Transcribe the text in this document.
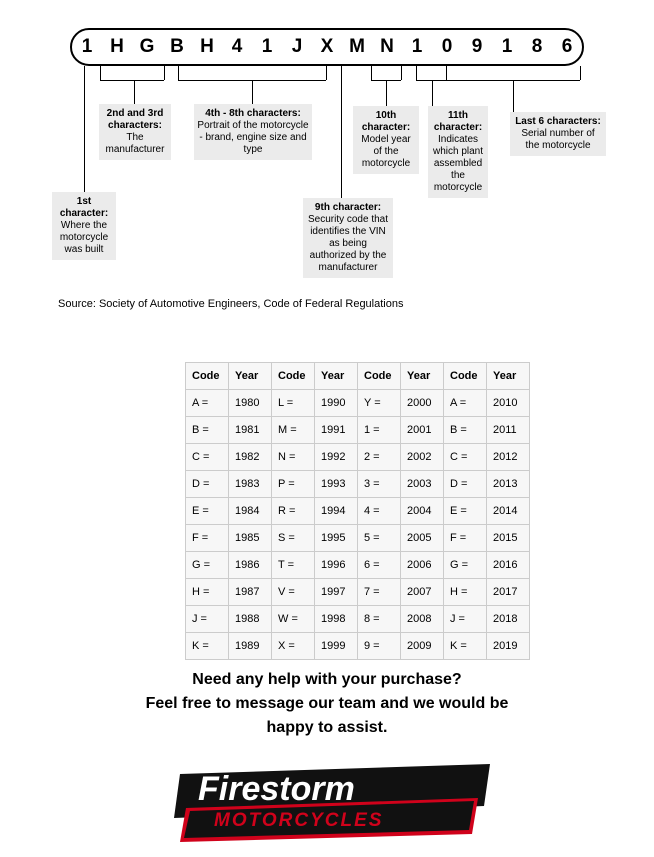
1 H G B H 4	1	J X M N 1	0	9	1	8	6
1st character:
Where the motorcycle was built
2nd and 3rd characters:
The manufacturer
4th - 8th characters:
Portrait of the motorcycle - brand, engine size and type
9th character:
Security code that identifies the VIN as being authorized by the manufacturer
10th character:
Model year of the motorcycle
11th character:
Indicates which plant assembled the motorcycle
Last 6 characters:
Serial number of the motorcycle
Source: Society of Automotive Engineers, Code of Federal Regulations
Code	Year	Code	Year	Code	Year	Code	Year
A =	1980	L =	1990	Y =	2000	A =	2010
B =	1981	M =	1991	1 =	2001	B =	2011
C =	1982	N =	1992	2 =	2002	C =	2012
D =	1983	P =	1993	3 =	2003	D =	2013
E =	1984	R =	1994	4 =	2004	E =	2014
F =	1985	S =	1995	5 =	2005	F =	2015
G =	1986	T =	1996	6 =	2006	G =	2016
H =	1987	V =	1997	7 =	2007	H =	2017
J =	1988	W =	1998	8 =	2008	J =	2018
K =	1989	X =	1999	9 =	2009	K =	2019
Need any help with your purchase?
Feel free to message our team and we would be
happy to assist.
Firestorm
MOTORCYCLES
